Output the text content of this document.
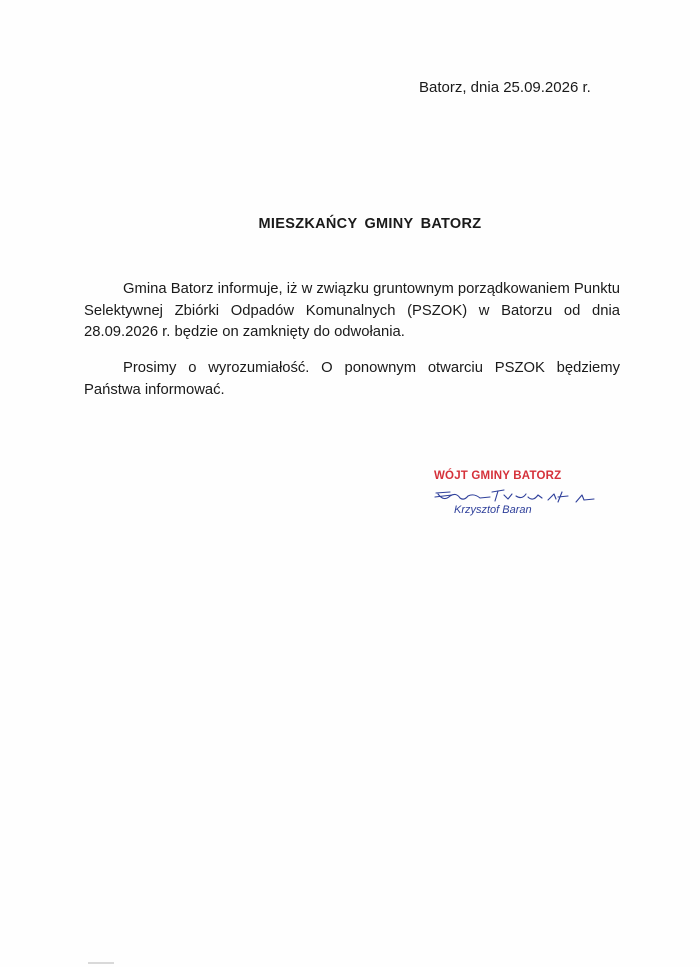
Batorz, dnia 25.09.2026 r.
MIESZKAŃCY GMINY BATORZ

Gmina Batorz informuje, iż w związku gruntownym porządkowaniem Punktu Selektywnej Zbiórki Odpadów Komunalnych (PSZOK) w Batorzu od dnia 28.09.2026 r. będzie on zamknięty do odwołania.

Prosimy o wyrozumiałość. O ponownym otwarciu PSZOK będziemy Państwa informować.

WÓJT GMINY BATORZ
Krzysztof Baran
